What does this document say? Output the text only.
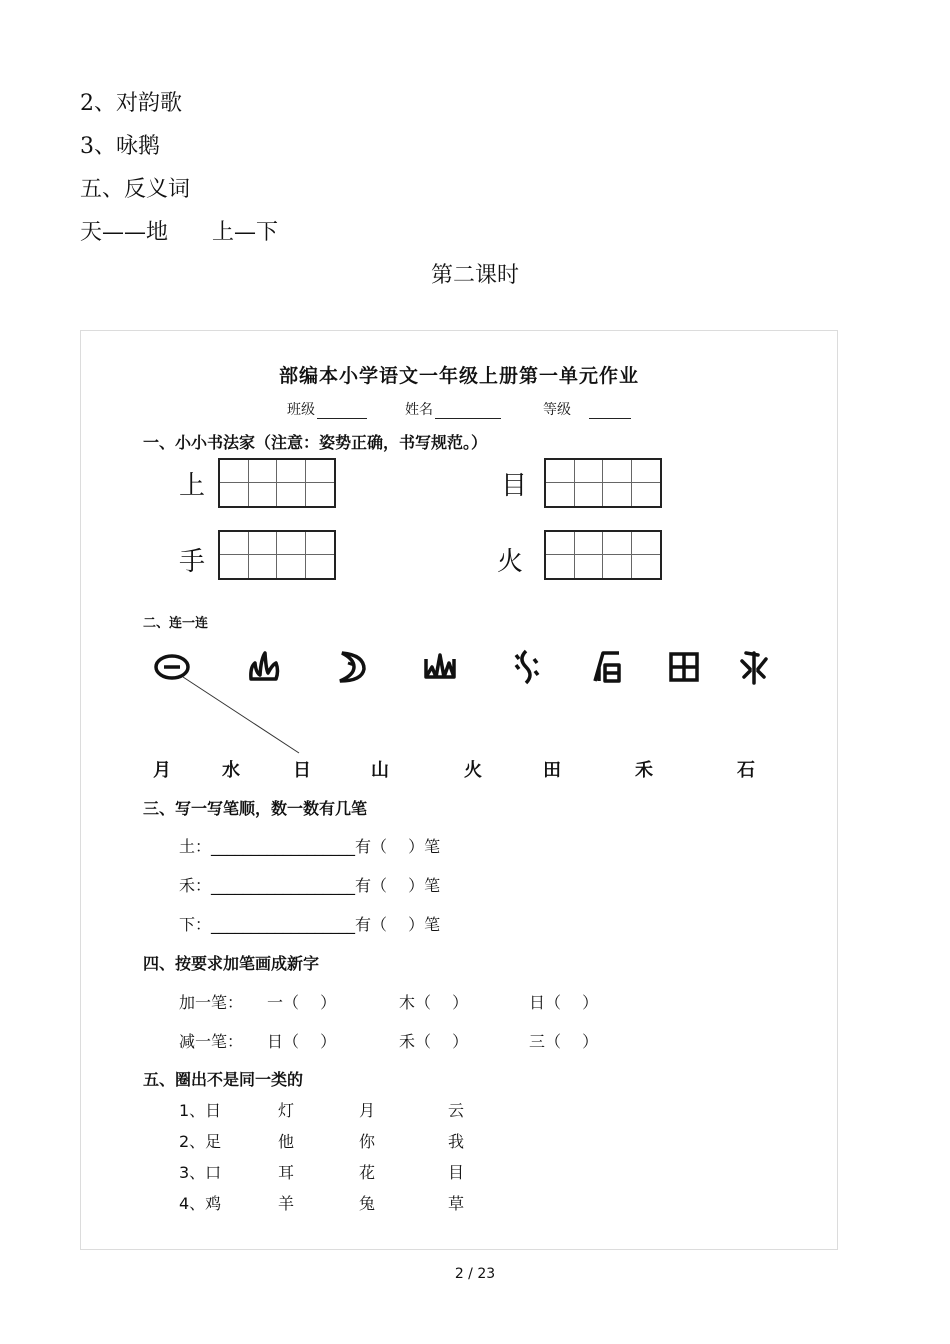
2、对韵歌
3、咏鹅
五、反义词
天——地 上—下
第二课时
部编本小学语文一年级上册第一单元作业
班级	姓名	等级
一、小小书法家（注意：姿势正确，书写规范。）
上	目
手	火
二、连一连
月	水	日	山	火	田	禾	石
三、写一写笔顺，数一数有几笔
土：__________________有（　 ）笔
禾：__________________有（　 ）笔
下：__________________有（　 ）笔
四、按要求加笔画成新字
加一笔： 一（　 ）	木（　 ）	日（　 ）
减一笔： 日（　 ）	禾（　 ）	三（　 ）
五、圈出不是同一类的
1、日	灯	月	云
2、足	他	你	我
3、口	耳	花	目
4、鸡	羊	兔	草
2 / 23
